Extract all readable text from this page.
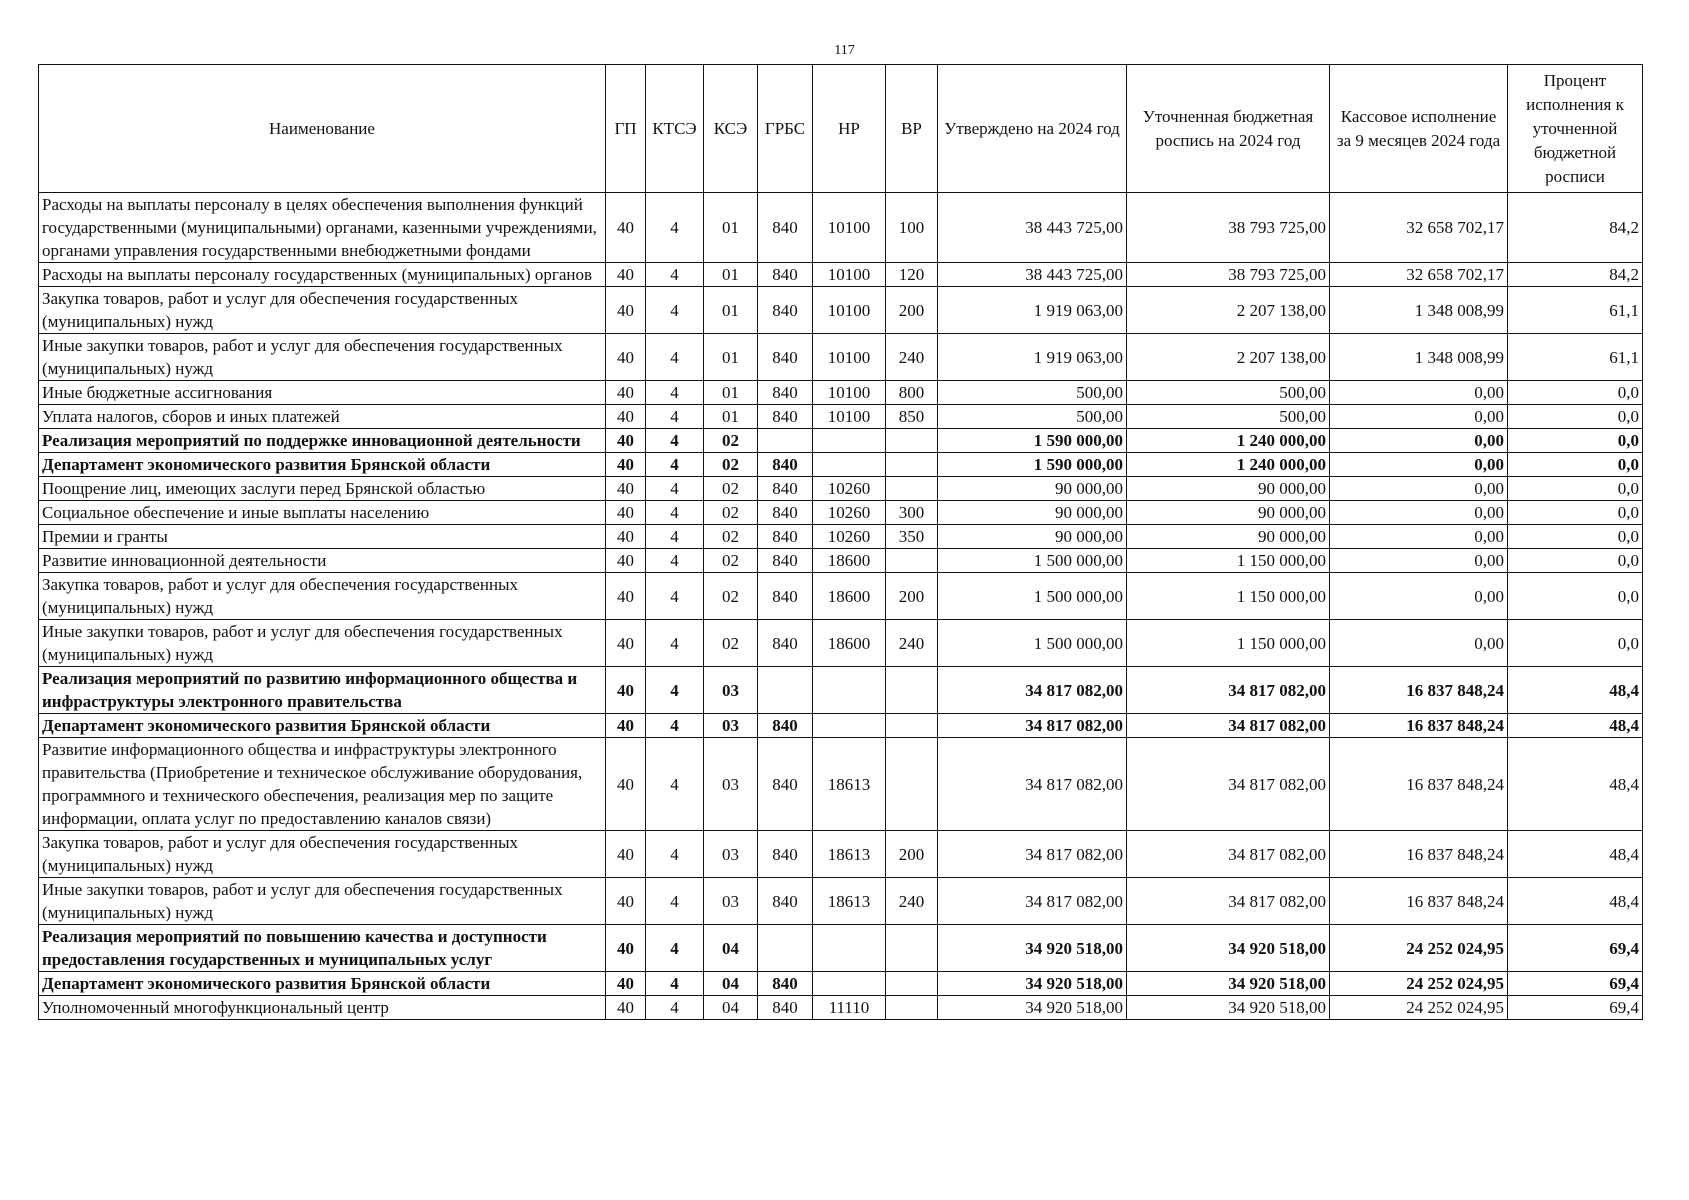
117
Наименование	ГП	КТСЭ	КСЭ	ГРБС	НР	ВР	Утверждено на 2024 год	Уточненная бюджетная роспись на 2024 год	Кассовое исполнение за 9 месяцев 2024 года	Процент исполнения к уточненной бюджетной росписи
Расходы на выплаты персоналу в целях обеспечения выполнения функций государственными (муниципальными) органами, казенными учреждениями, органами управления государственными внебюджетными фондами	40	4	01	840	10100	100	38 443 725,00	38 793 725,00	32 658 702,17	84,2
Расходы на выплаты персоналу государственных (муниципальных) органов	40	4	01	840	10100	120	38 443 725,00	38 793 725,00	32 658 702,17	84,2
Закупка товаров, работ и услуг для обеспечения государственных (муниципальных) нужд	40	4	01	840	10100	200	1 919 063,00	2 207 138,00	1 348 008,99	61,1
Иные закупки товаров, работ и услуг для обеспечения государственных (муниципальных) нужд	40	4	01	840	10100	240	1 919 063,00	2 207 138,00	1 348 008,99	61,1
Иные бюджетные ассигнования	40	4	01	840	10100	800	500,00	500,00	0,00	0,0
Уплата налогов, сборов и иных платежей	40	4	01	840	10100	850	500,00	500,00	0,00	0,0
Реализация мероприятий по поддержке инновационной деятельности	40	4	02				1 590 000,00	1 240 000,00	0,00	0,0
Департамент экономического развития Брянской области	40	4	02	840			1 590 000,00	1 240 000,00	0,00	0,0
Поощрение лиц, имеющих заслуги перед Брянской областью	40	4	02	840	10260		90 000,00	90 000,00	0,00	0,0
Социальное обеспечение и иные выплаты населению	40	4	02	840	10260	300	90 000,00	90 000,00	0,00	0,0
Премии и гранты	40	4	02	840	10260	350	90 000,00	90 000,00	0,00	0,0
Развитие инновационной деятельности	40	4	02	840	18600		1 500 000,00	1 150 000,00	0,00	0,0
Закупка товаров, работ и услуг для обеспечения государственных (муниципальных) нужд	40	4	02	840	18600	200	1 500 000,00	1 150 000,00	0,00	0,0
Иные закупки товаров, работ и услуг для обеспечения государственных (муниципальных) нужд	40	4	02	840	18600	240	1 500 000,00	1 150 000,00	0,00	0,0
Реализация мероприятий по развитию информационного общества и инфраструктуры электронного правительства	40	4	03				34 817 082,00	34 817 082,00	16 837 848,24	48,4
Департамент экономического развития Брянской области	40	4	03	840			34 817 082,00	34 817 082,00	16 837 848,24	48,4
Развитие информационного общества и инфраструктуры электронного правительства (Приобретение и техническое обслуживание оборудования, программного и технического обеспечения, реализация мер по защите информации, оплата услуг по предоставлению каналов связи)	40	4	03	840	18613		34 817 082,00	34 817 082,00	16 837 848,24	48,4
Закупка товаров, работ и услуг для обеспечения государственных (муниципальных) нужд	40	4	03	840	18613	200	34 817 082,00	34 817 082,00	16 837 848,24	48,4
Иные закупки товаров, работ и услуг для обеспечения государственных (муниципальных) нужд	40	4	03	840	18613	240	34 817 082,00	34 817 082,00	16 837 848,24	48,4
Реализация мероприятий по повышению качества и доступности предоставления государственных и муниципальных услуг	40	4	04				34 920 518,00	34 920 518,00	24 252 024,95	69,4
Департамент экономического развития Брянской области	40	4	04	840			34 920 518,00	34 920 518,00	24 252 024,95	69,4
Уполномоченный многофункциональный центр	40	4	04	840	11110		34 920 518,00	34 920 518,00	24 252 024,95	69,4
